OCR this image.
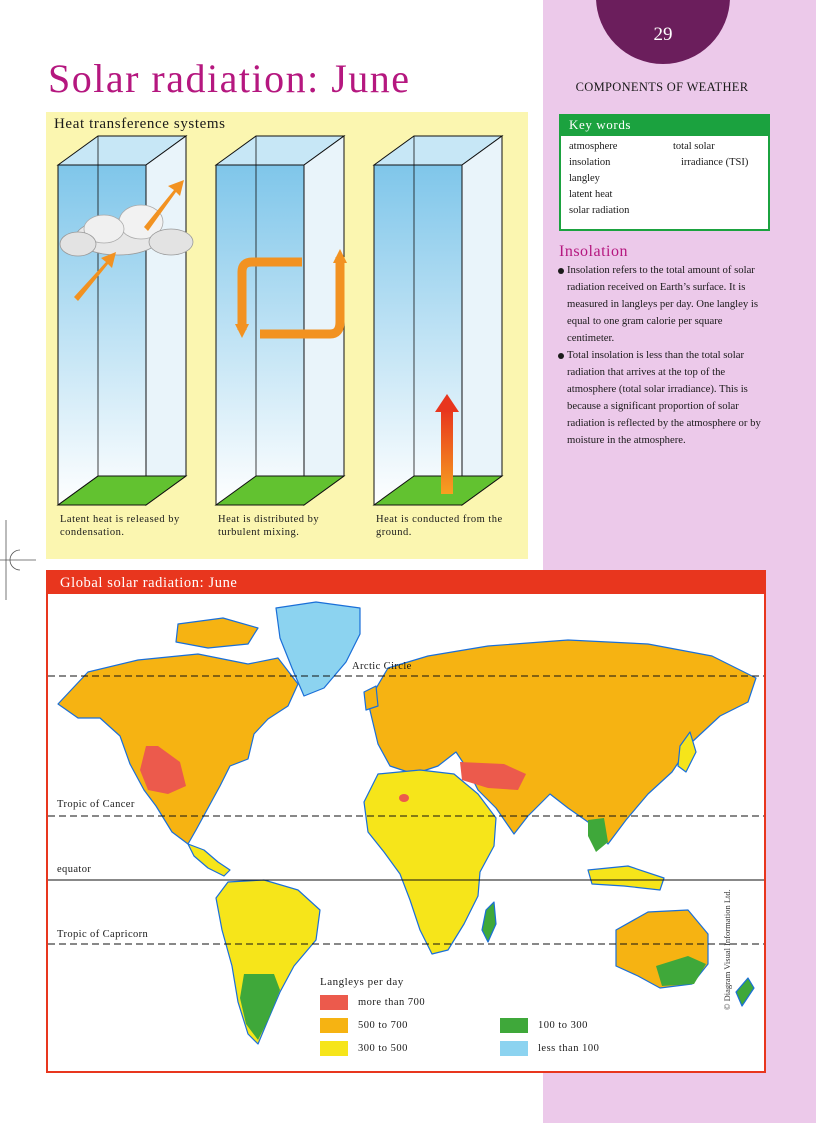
29
COMPONENTS OF WEATHER
Solar radiation: June
Heat transference systems
Latent heat is released by condensation.
Heat is distributed by turbulent mixing.
Heat is conducted from the ground.
Key words
atmosphere
insolation
langley
latent heat
solar radiation
total solar
irradiance (TSI)
Insolation
Insolation refers to the total amount of solar radiation received on Earth’s surface. It is measured in langleys per day. One langley is equal to one gram calorie per square centimeter.
Total insolation is less than the total solar radiation that arrives at the top of the atmosphere (total solar irradiance). This is because a significant proportion of solar radiation is reflected by the atmosphere or by moisture in the atmosphere.
Global solar radiation: June
Arctic Circle
Tropic of Cancer
equator
Tropic of Capricorn
Langleys per day
more than 700
500 to 700
300 to 500
100 to 300
less than 100
© Diagram Visual Information Ltd.
